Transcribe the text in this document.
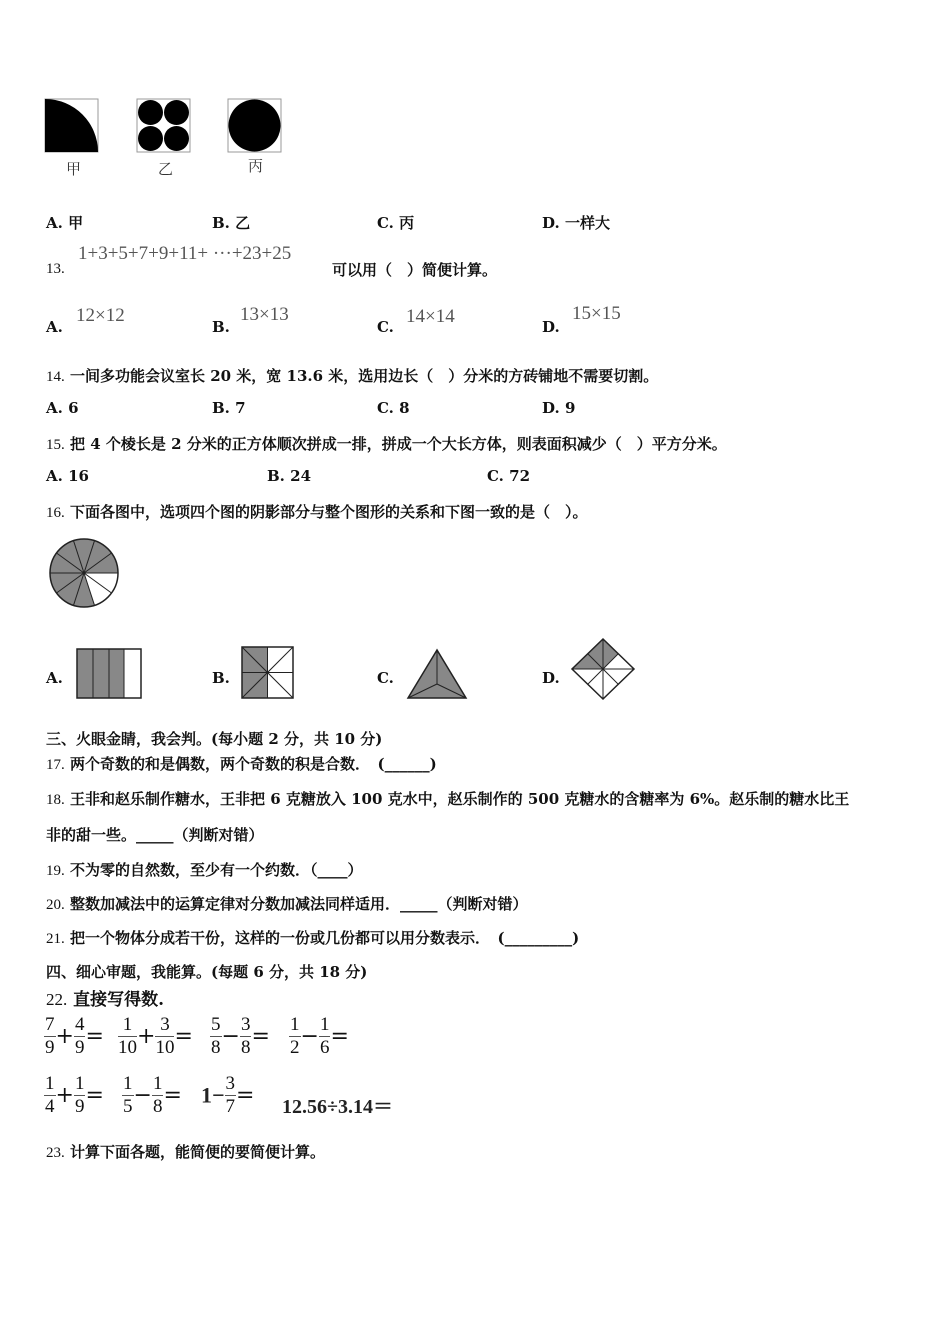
甲	乙	丙
A. 甲	B. 乙	C. 丙	D. 一样大
13.
1+3+5+7+9+11+ ···+23+25
可以用（　）简便计算。
A.
12×12
B.
13×13
C. 14×14	D.
15×15
14. 一间多功能会议室长 20 米，宽 13.6 米，选用边长（　）分米的方砖铺地不需要切割。
A. 6	B. 7	C. 8	D. 9
15. 把 4 个棱长是 2 分米的正方体顺次拼成一排，拼成一个大长方体，则表面积减少（　）平方分米。
A. 16	B. 24	C. 72
16. 下面各图中，选项四个图的阴影部分与整个图形的关系和下图一致的是（　）。
A.	B.	C.	D.
三、火眼金睛，我会判。(每小题 2 分，共 10 分)
17. 两个奇数的和是偶数，两个奇数的积是合数．　(______)
18. 王非和赵乐制作糖水，王非把 6 克糖放入 100 克水中，赵乐制作的 500 克糖水的含糖率为 6%。赵乐制的糖水比王
非的甜一些。_____（判断对错）
19. 不为零的自然数，至少有一个约数．（____）
20. 整数加减法中的运算定律对分数加减法同样适用．_____（判断对错）
21. 把一个物体分成若干份，这样的一份或几份都可以用分数表示．　(_________)
四、细心审题，我能算。(每题 6 分，共 18 分)
22. 直接写得数.
$\frac{7}{9} + \frac{4}{9} = \frac{1}{10} + \frac{3}{10} = \frac{5}{8} - \frac{3}{8} = \frac{1}{2} - \frac{1}{6}$ =
$\frac{1}{4} + \frac{1}{9} = \frac{1}{5} - \frac{1}{8} = 1- \frac{3}{7} = 12.56\div 3.14=$
23. 计算下面各题，能简便的要简便计算。
